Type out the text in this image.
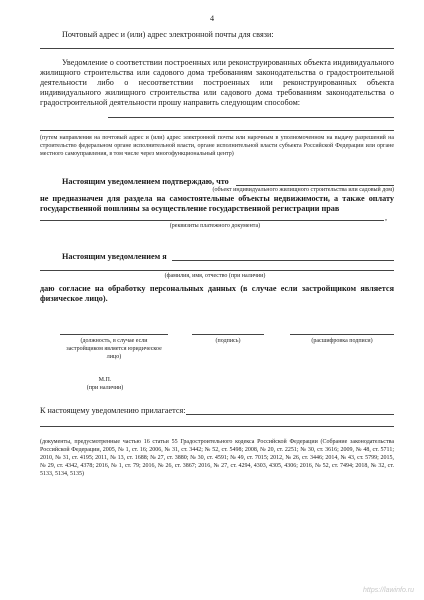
4
Почтовый адрес и (или) адрес электронной почты для связи:
Уведомление о соответствии построенных или реконструированных объекта индивидуального жилищного строительства или садового дома требованиям законодательства о градостроительной деятельности либо о несоответствии построенных или реконструированных объекта индивидуального жилищного строительства или садового дома требованиям законодательства о градостроительной деятельности прошу направить следующим способом:
(путем направления на почтовый адрес и (или) адрес электронной почты или нарочным в уполномоченном на выдачу разрешений на строительство федеральном органе исполнительной власти, органе исполнительной власти субъекта Российской Федерации или органе местного самоуправления, в том числе через многофункциональный центр)
Настоящим уведомлением подтверждаю, что
(объект индивидуального жилищного строительства или садовый дом)
не предназначен для раздела на самостоятельные объекты недвижимости, а также оплату государственной пошлины за осуществление государственной регистрации прав
,
(реквизиты платежного документа)
Настоящим уведомлением я
(фамилия, имя, отчество (при наличии)
даю согласие на обработку персональных данных (в случае если застройщиком является физическое лицо).
(должность, в случае если застройщиком является юридическое лицо)
(подпись)	(расшифровка подписи)
М.П.
(при наличии)
К настоящему уведомлению прилагается:
(документы, предусмотренные частью 16 статьи 55 Градостроительного кодекса Российской Федерации (Собрание законодательства Российской Федерации, 2005, № 1, ст. 16; 2006, № 31, ст. 3442; № 52, ст. 5498; 2008, № 20, ст. 2251; № 30, ст. 3616; 2009, № 48, ст. 5711; 2010, № 31, ст. 4195; 2011, № 13, ст. 1688; № 27, ст. 3880; № 30, ст. 4591; № 49, ст. 7015; 2012, № 26, ст. 3446; 2014, № 43, ст. 5799; 2015, № 29, ст. 4342, 4378; 2016, № 1, ст. 79; 2016, № 26, ст. 3867; 2016, № 27, ст. 4294, 4303, 4305, 4306; 2016, № 52, ст. 7494; 2018, № 32, ст. 5133, 5134, 5135)
https://lawinfo.ru
